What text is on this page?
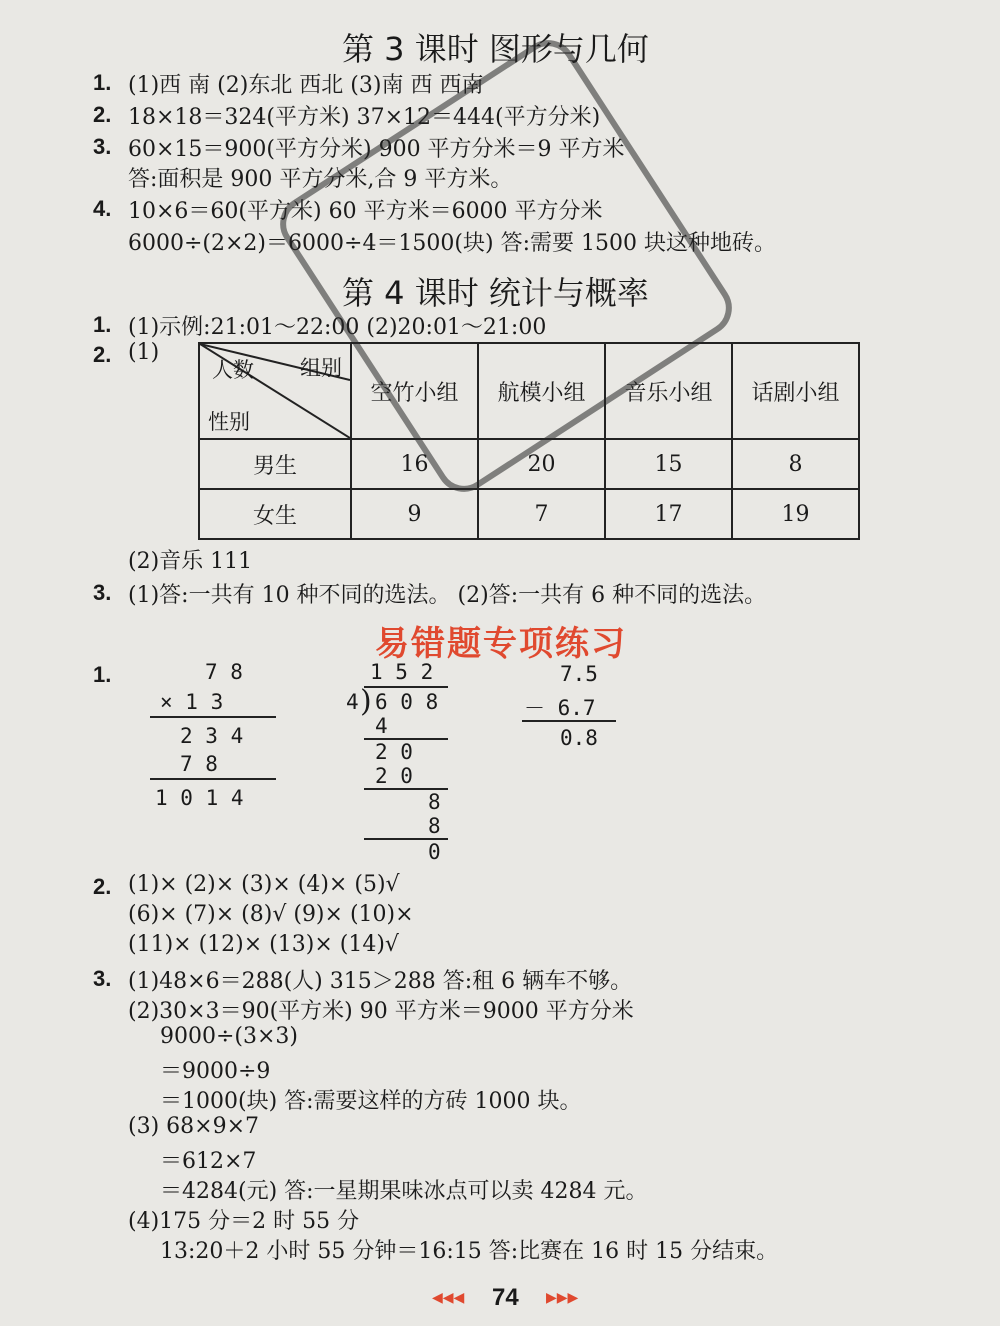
第 3 课时 图形与几何
1. (1)西 南 (2)东北 西北 (3)南 西 西南
2. 18×18＝324(平方米) 37×12＝444(平方分米)
3. 60×15＝900(平方分米) 900 平方分米＝9 平方米
答:面积是 900 平方分米,合 9 平方米。
4. 10×6＝60(平方米) 60 平方米＝6000 平方分米
6000÷(2×2)＝6000÷4＝1500(块) 答:需要 1500 块这种地砖。
第 4 课时 统计与概率
1. (1)示例:21:01～22:00 (2)20:01～21:00
2. (1)
人数 组别
性别	空竹小组	航模小组	音乐小组	话剧小组
男生	16	20	15	8
女生	9	7	17	19
(2)音乐 111
3. (1)答:一共有 10 种不同的选法。 (2)答:一共有 6 种不同的选法。
易错题专项练习
1.	7 8
× 1 3
2 3 4
7 8
1 0 1 4
1 5 2
4 ) 6 0 8
4
2 0
2 0
8
8
0
7.5
－ 6.7
0.8
2. (1)× (2)× (3)× (4)× (5)√
(6)× (7)× (8)√ (9)× (10)×
(11)× (12)× (13)× (14)√
3. (1)48×6＝288(人) 315＞288 答:租 6 辆车不够。
(2)30×3＝90(平方米) 90 平方米＝9000 平方分米
9000÷(3×3)
＝9000÷9
＝1000(块) 答:需要这样的方砖 1000 块。
(3) 68×9×7
＝612×7
＝4284(元) 答:一星期果味冰点可以卖 4284 元。
(4)175 分＝2 时 55 分
13:20＋2 小时 55 分钟＝16:15 答:比赛在 16 时 15 分结束。
◀◀◀ 74 ▶▶▶
